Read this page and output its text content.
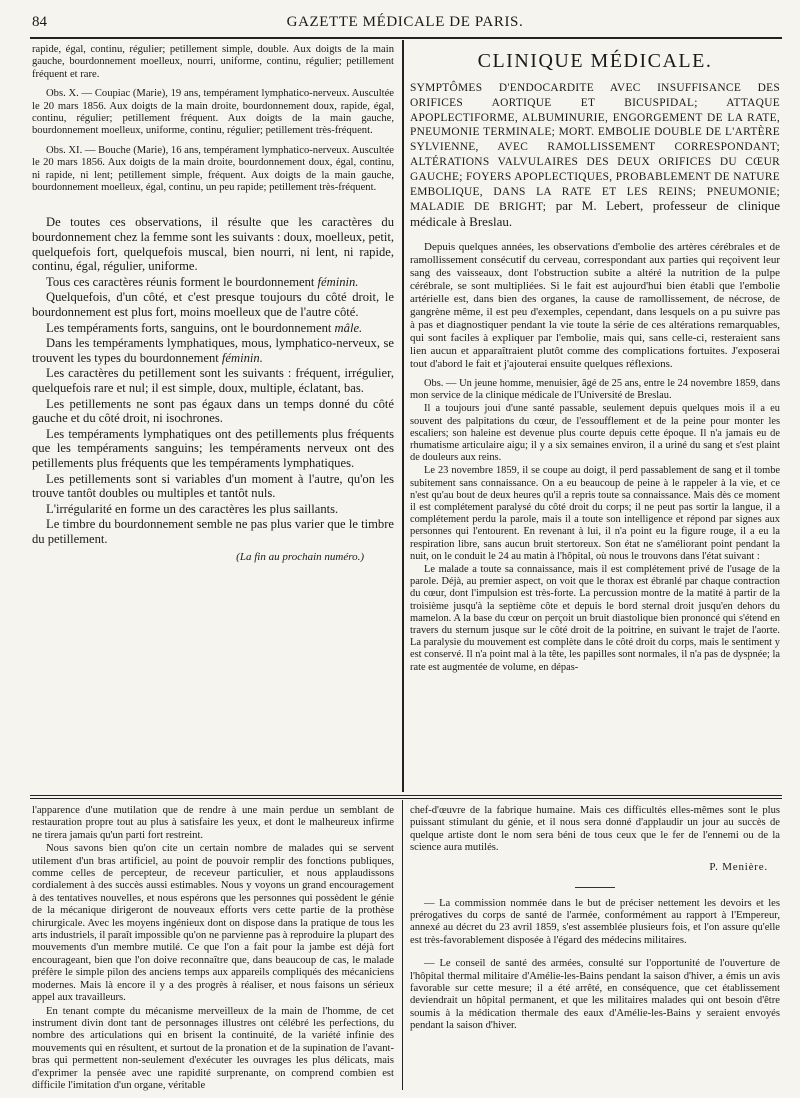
84	GAZETTE MÉDICALE DE PARIS.

rapide, égal, continu, régulier; petillement simple, double. Aux doigts de la main gauche, bourdonnement moelleux, nourri, uniforme, continu, régulier; petillement fréquent et rare.

Obs. X. — Coupiac (Marie), 19 ans, tempérament lymphatico-nerveux. Auscultée le 20 mars 1856. Aux doigts de la main droite, bourdonnement doux, rapide, égal, continu, régulier; petillement fréquent. Aux doigts de la main gauche, bourdonnement moelleux, uniforme, continu, régulier; petillement très-fréquent.

Obs. XI. — Bouche (Marie), 16 ans, tempérament lymphatico-nerveux. Auscultée le 20 mars 1856. Aux doigts de la main droite, bourdonnement doux, égal, continu, ni rapide, ni lent; petillement simple, fréquent. Aux doigts de la main gauche, bourdonnement moelleux, égal, continu, un peu rapide; petillement très-fréquent.

De toutes ces observations, il résulte que les caractères du bourdonnement chez la femme sont les suivants : doux, moelleux, petit, quelquefois fort, quelquefois muscal, bien nourri, ni lent, ni rapide, continu, égal, régulier, uniforme.

Tous ces caractères réunis forment le bourdonnement féminin.

Quelquefois, d'un côté, et c'est presque toujours du côté droit, le bourdonnement est plus fort, moins moelleux que de l'autre côté.

Les tempéraments forts, sanguins, ont le bourdonnement mâle.

Dans les tempéraments lymphatiques, mous, lymphatico-nerveux, se trouvent les types du bourdonnement féminin.

Les caractères du petillement sont les suivants : fréquent, irrégulier, quelquefois rare et nul; il est simple, doux, multiple, éclatant, bas.

Les petillements ne sont pas égaux dans un temps donné du côté gauche et du côté droit, ni isochrones.

Les tempéraments lymphatiques ont des petillements plus fréquents que les tempéraments sanguins; les tempéraments nerveux ont des petillements plus fréquents que les tempéraments lymphatiques.

Les petillements sont si variables d'un moment à l'autre, qu'on les trouve tantôt doubles ou multiples et tantôt nuls.

L'irrégularité en forme un des caractères les plus saillants.

Le timbre du bourdonnement semble ne pas plus varier que le timbre du petillement.

(La fin au prochain numéro.)
CLINIQUE MÉDICALE.

SYMPTÔMES D'ENDOCARDITE AVEC INSUFFISANCE DES ORIFICES AORTIQUE ET BICUSPIDAL; ATTAQUE APOPLECTIFORME, ALBUMINURIE, ENGORGEMENT DE LA RATE, PNEUMONIE TERMINALE; MORT. EMBOLIE DOUBLE DE L'ARTÈRE SYLVIENNE, AVEC RAMOLLISSEMENT CORRESPONDANT; ALTÉRATIONS VALVULAIRES DES DEUX ORIFICES DU CŒUR GAUCHE; FOYERS APOPLECTIQUES, PROBABLEMENT DE NATURE EMBOLIQUE, DANS LA RATE ET LES REINS; PNEUMONIE; MALADIE DE BRIGHT; par M. Lebert, professeur de clinique médicale à Breslau.

Depuis quelques années, les observations d'embolie des artères cérébrales et de ramollissement consécutif du cerveau, correspondant aux parties qui reçoivent leur sang des vaisseaux, dont l'obstruction subite a altéré la nutrition de la pulpe cérébrale, se sont multipliées. Si le fait est aujourd'hui bien établi que l'embolie artérielle est, dans bien des organes, la cause de ramollissement, de nécrose, de gangrène même, il est peu d'exemples, cependant, dans lesquels on a pu suivre pas à pas et diagnostiquer pendant la vie toute la série de ces altérations remarquables, qui sont faciles à expliquer par l'embolie, mais qui, sans celle-ci, resteraient sans lien aucun et apparaîtraient plutôt comme des complications fortuites. J'exposerai tout d'abord le fait et j'ajouterai ensuite quelques réflexions.

Obs. — Un jeune homme, menuisier, âgé de 25 ans, entre le 24 novembre 1859, dans mon service de la clinique médicale de l'Université de Breslau.

Il a toujours joui d'une santé passable, seulement depuis quelques mois il a eu souvent des palpitations du cœur, de l'essoufflement et de la peine pour monter les escaliers; son haleine est devenue plus courte depuis cette époque. Il n'a jamais eu de rhumatisme articulaire aigu; il y a six semaines environ, il a uriné du sang et s'est plaint de douleurs aux reins.

Le 23 novembre 1859, il se coupe au doigt, il perd passablement de sang et il tombe subitement sans connaissance. On a eu beaucoup de peine à le rappeler à la vie, et ce n'est qu'au bout de deux heures qu'il a repris toute sa connaissance. Mais dès ce moment il est complétement paralysé du côté droit du corps; il ne peut pas sortir la langue, il a complétement perdu la parole, mais il a toute son intelligence et répond par signes aux personnes qui l'entourent. En revenant à lui, il n'a point eu la figure rouge, il a eu la respiration libre, sans aucun bruit stertoreux. Son état ne s'améliorant point pendant la nuit, on le conduit le 24 au matin à l'hôpital, où nous le trouvons dans l'état suivant :

Le malade a toute sa connaissance, mais il est complétement privé de l'usage de la parole. Déjà, au premier aspect, on voit que le thorax est ébranlé par chaque contraction du cœur, dont l'impulsion est très-forte. La percussion montre de la matité à partir de la troisième jusqu'à la septième côte et depuis le bord sternal droit jusqu'en dehors du mamelon. A la base du cœur on perçoit un bruit diastolique bien prononcé qui s'étend en travers du sternum jusque sur le côté droit de la poitrine, en suivant le trajet de l'aorte. La paralysie du mouvement est complète dans le côté droit du corps, mais le sentiment y est conservé. Il n'a point mal à la tête, les papilles sont normales, il n'a pas de dyspnée; la rate est augmentée de volume, en dépas-

l'apparence d'une mutilation que de rendre à une main perdue un semblant de restauration propre tout au plus à satisfaire les yeux, et dont le malheureux infirme ne tirera jamais qu'un parti fort restreint.

Nous savons bien qu'on cite un certain nombre de malades qui se servent utilement d'un bras artificiel, au point de pouvoir remplir des fonctions publiques, comme celles de percepteur, de receveur particulier, et nous applaudissons cordialement à des succès aussi estimables. Nous y voyons un grand encouragement à des tentatives nouvelles, et nous espérons que les personnes qui possèdent le génie de la mécanique dirigeront de nouveaux efforts vers cette partie de la prothèse chirurgicale. Avec les moyens ingénieux dont on dispose dans la pratique de tous les arts industriels, il paraît impossible qu'on ne parvienne pas à reproduire la plupart des mouvements d'un membre mutilé. Ce que l'on a fait pour la jambe est déjà fort encourageant, bien que l'on doive reconnaître que, dans beaucoup de cas, le malade préfère le simple pilon des anciens temps aux appareils compliqués des mécaniciens modernes. Mais là encore il y a des progrès à réaliser, et nous faisons un sérieux appel aux travailleurs.

En tenant compte du mécanisme merveilleux de la main de l'homme, de cet instrument divin dont tant de personnages illustres ont célébré les perfections, du nombre des articulations qui en brisent la continuité, de la variété infinie des mouvements qui en résultent, et surtout de la pronation et de la supination de l'avant-bras qui permettent non-seulement d'exécuter les ouvrages les plus délicats, mais d'exprimer la pensée avec une rapidité surprenante, on comprend combien est difficile l'imitation d'un organe, véritable

chef-d'œuvre de la fabrique humaine. Mais ces difficultés elles-mêmes sont le plus puissant stimulant du génie, et il nous sera donné d'applaudir un jour au succès de quelque artiste dont le nom sera béni de tous ceux que le fer de l'ennemi ou de la science aura mutilés.

P. Menière.

— La commission nommée dans le but de préciser nettement les devoirs et les prérogatives du corps de santé de l'armée, conformément au rapport à l'Empereur, annexé au décret du 23 avril 1859, s'est assemblée plusieurs fois, et l'on assure qu'elle est très-favorablement disposée à l'égard des médecins militaires.

— Le conseil de santé des armées, consulté sur l'opportunité de l'ouverture de l'hôpital thermal militaire d'Amélie-les-Bains pendant la saison d'hiver, a émis un avis favorable sur cette mesure; il a été arrêté, en conséquence, que cet établissement deviendrait un hôpital permanent, et que les militaires malades qui ont besoin d'être soumis à la médication thermale des eaux d'Amélie-les-Bains y seraient envoyés pendant la saison d'hiver.
